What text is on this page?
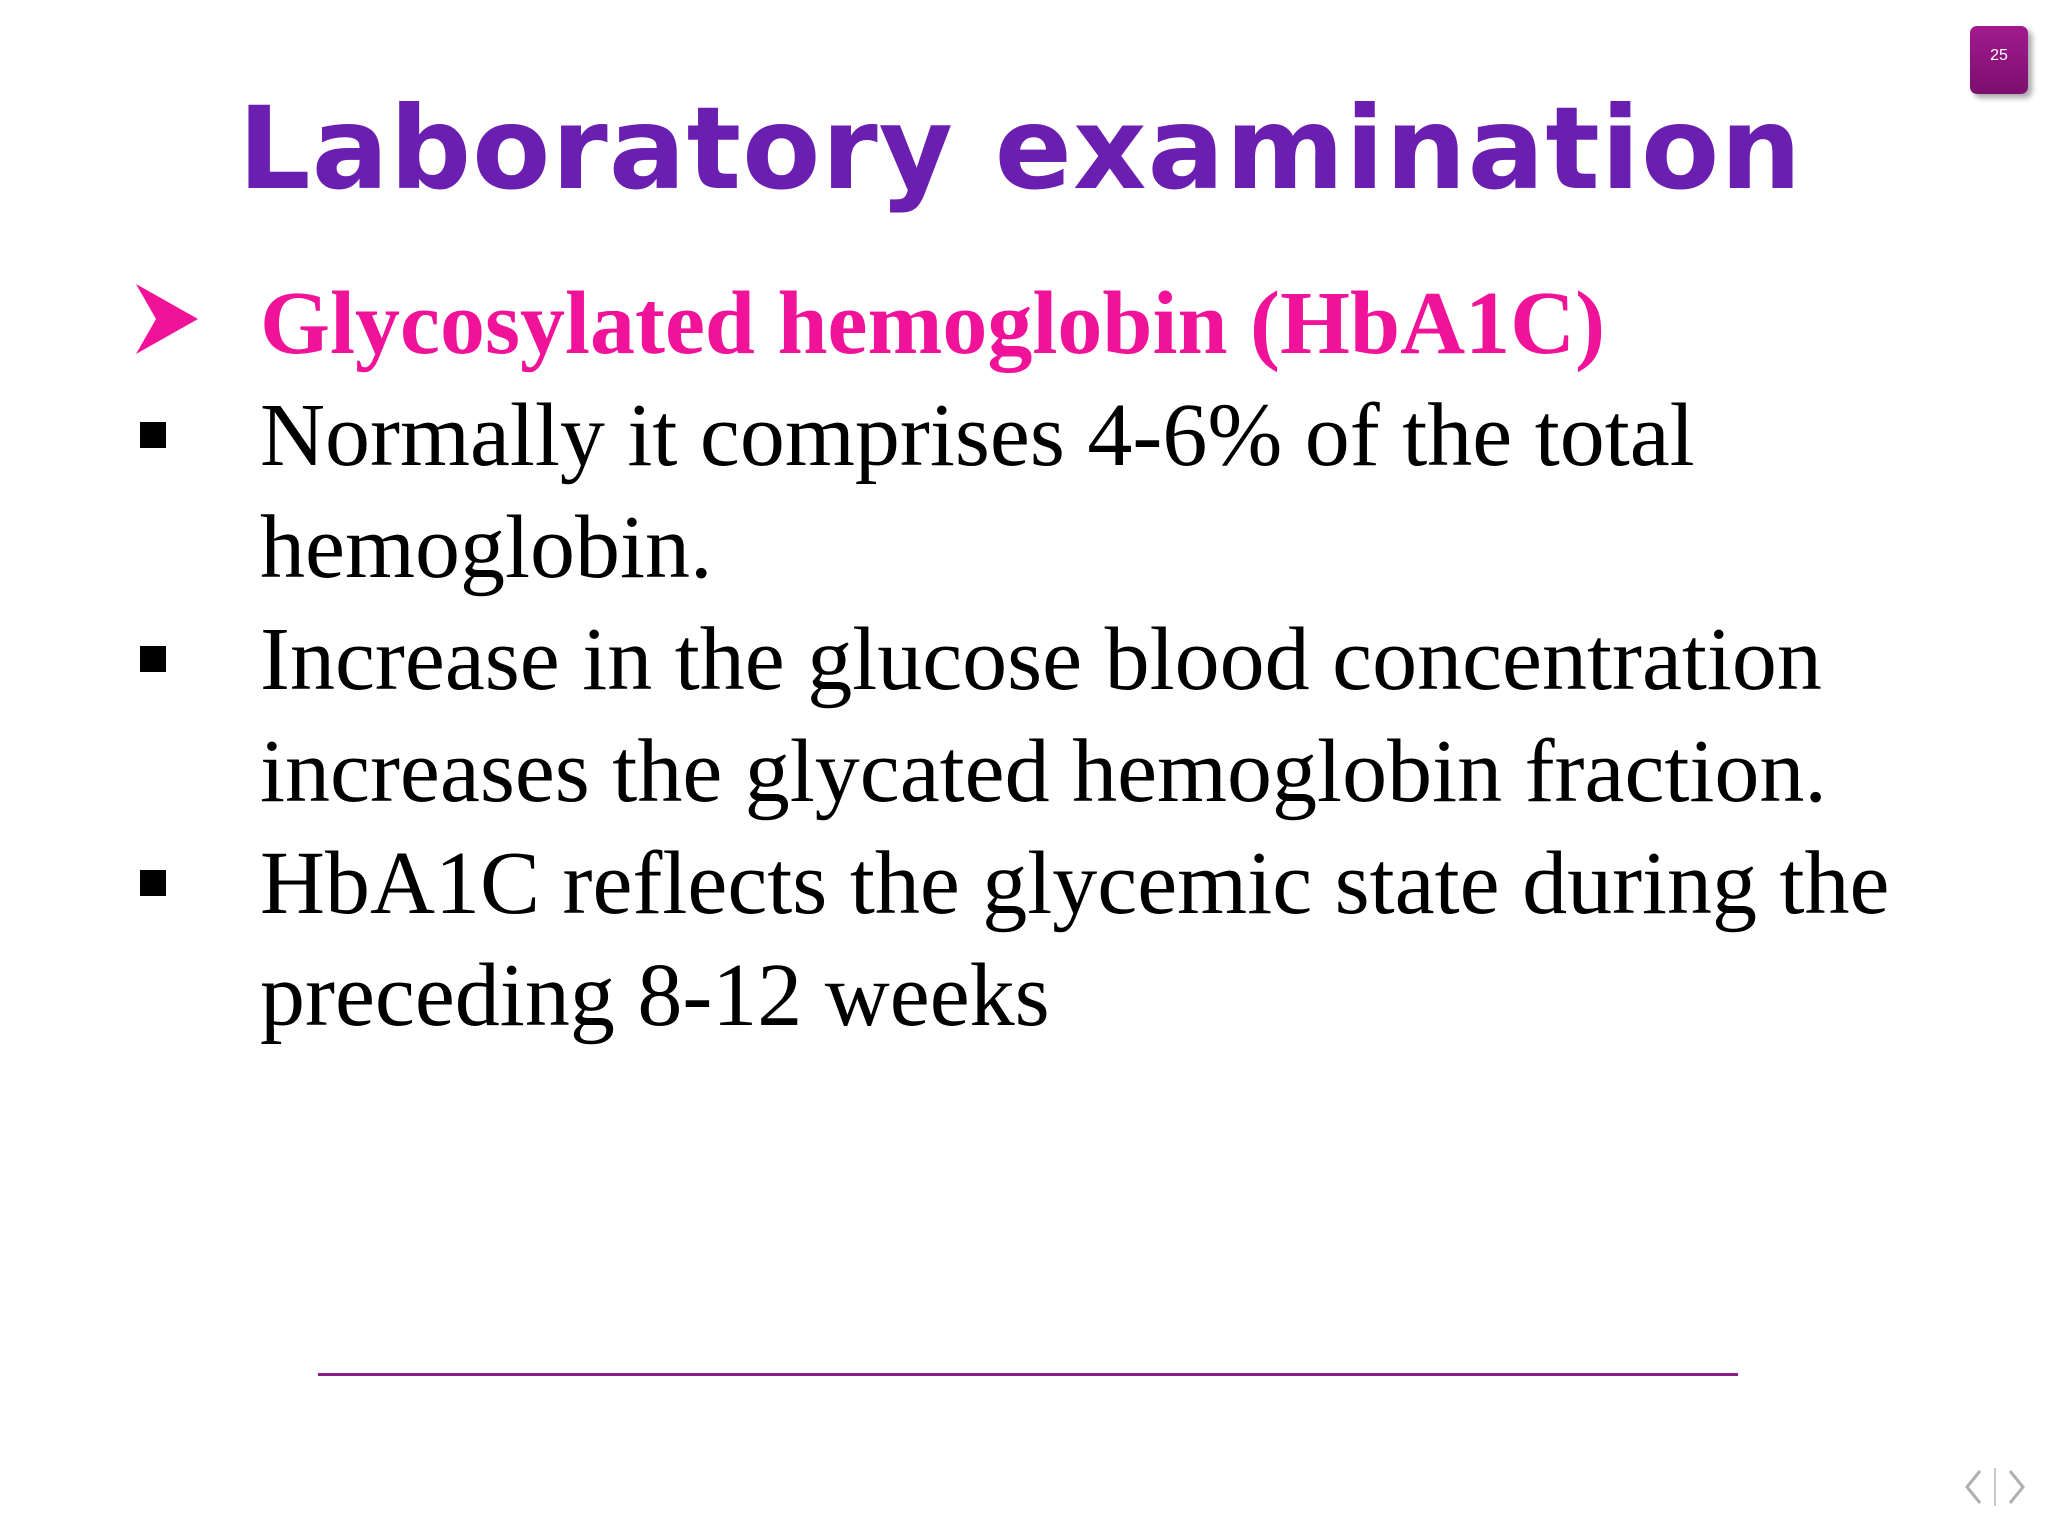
25
Laboratory examination
Glycosylated hemoglobin (HbA1C)
Normally it comprises 4-6% of the total hemoglobin.
Increase in the glucose blood concentration increases the glycated hemoglobin fraction.
HbA1C reflects the glycemic state during the preceding 8-12 weeks
